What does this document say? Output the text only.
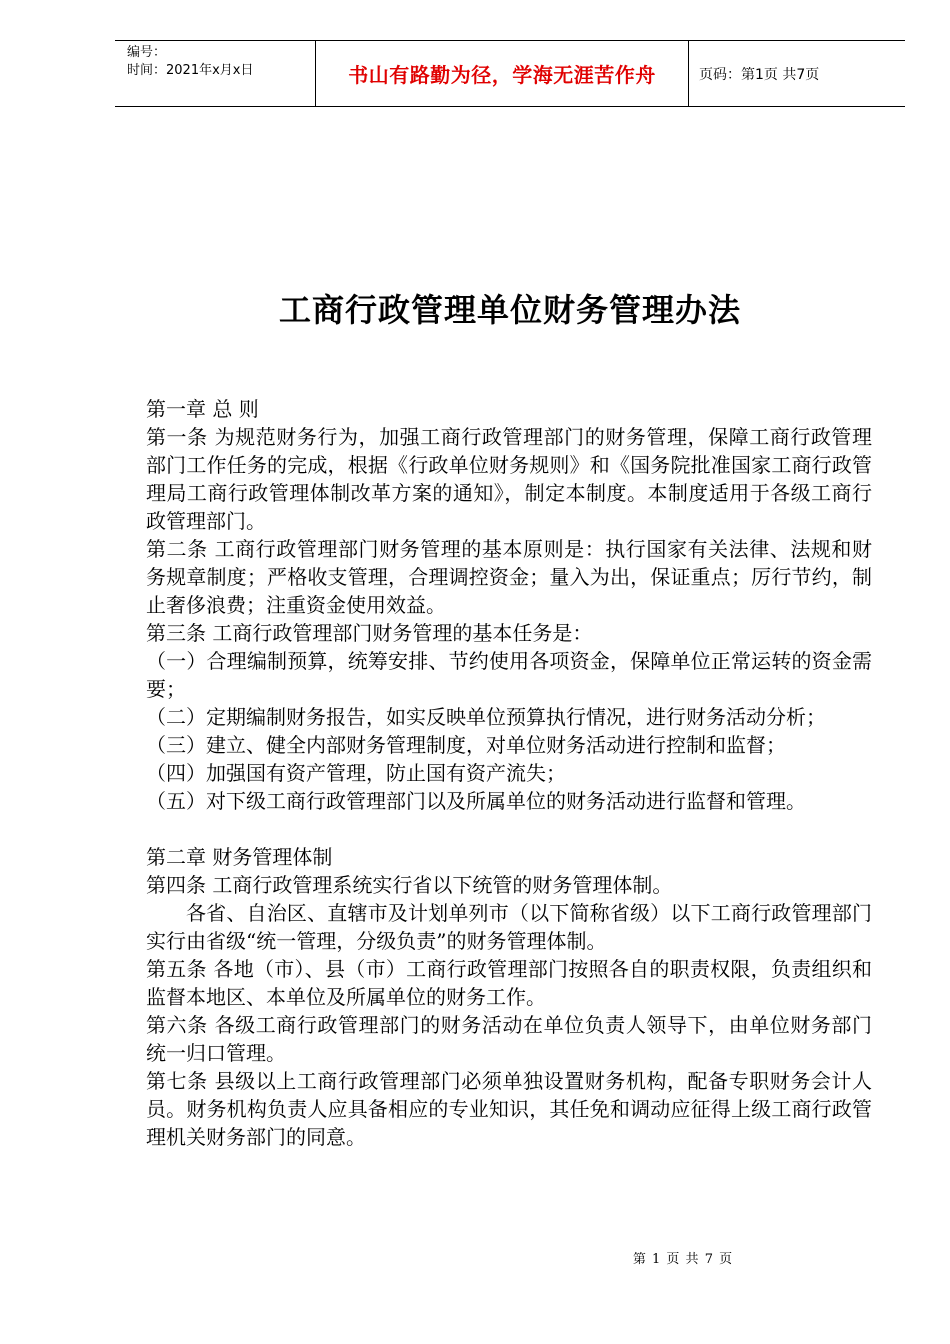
编号：
时间：2021年x月x日	书山有路勤为径，学海无涯苦作舟	页码：第1页 共7页
工商行政管理单位财务管理办法

第一章 总 则

第一条 为规范财务行为，加强工商行政管理部门的财务管理，保障工商行政管理部门工作任务的完成，根据《行政单位财务规则》和《国务院批准国家工商行政管理局工商行政管理体制改革方案的通知》，制定本制度。本制度适用于各级工商行政管理部门。

第二条 工商行政管理部门财务管理的基本原则是：执行国家有关法律、法规和财务规章制度；严格收支管理，合理调控资金；量入为出，保证重点；厉行节约，制止奢侈浪费；注重资金使用效益。

第三条 工商行政管理部门财务管理的基本任务是：

（一）合理编制预算，统筹安排、节约使用各项资金，保障单位正常运转的资金需要；

（二）定期编制财务报告，如实反映单位预算执行情况，进行财务活动分析；

（三）建立、健全内部财务管理制度，对单位财务活动进行控制和监督；

（四）加强国有资产管理，防止国有资产流失；

（五）对下级工商行政管理部门以及所属单位的财务活动进行监督和管理。

第二章 财务管理体制

第四条 工商行政管理系统实行省以下统管的财务管理体制。

各省、自治区、直辖市及计划单列市（以下简称省级）以下工商行政管理部门实行由省级“统一管理，分级负责”的财务管理体制。

第五条 各地（市）、县（市）工商行政管理部门按照各自的职责权限，负责组织和监督本地区、本单位及所属单位的财务工作。

第六条 各级工商行政管理部门的财务活动在单位负责人领导下，由单位财务部门统一归口管理。

第七条 县级以上工商行政管理部门必须单独设置财务机构，配备专职财务会计人员。财务机构负责人应具备相应的专业知识，其任免和调动应征得上级工商行政管理机关财务部门的同意。

第 1 页 共 7 页
